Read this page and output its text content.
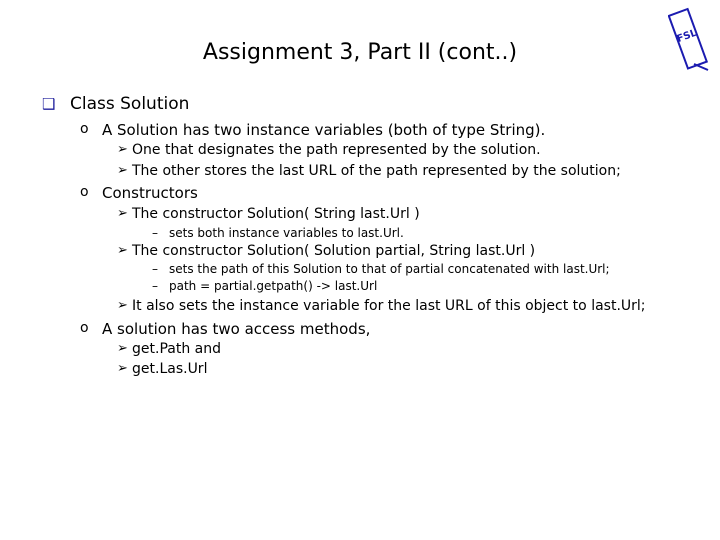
Assignment 3, Part II (cont..)
FSL
❑ Class Solution
o A Solution has two instance variables (both of type String).
➢ One that designates the path represented by the solution.
➢ The other stores the last URL of the path represented by the solution;
o Constructors
➢ The constructor Solution( String last.Url )
– sets both instance variables to last.Url.
➢ The constructor Solution( Solution partial, String last.Url )
– sets the path of this Solution to that of partial concatenated with last.Url;
– path = partial.getpath() -> last.Url
➢ It also sets the instance variable for the last URL of this object to last.Url;
o A solution has two access methods,
➢ get.Path and
➢ get.Las.Url
